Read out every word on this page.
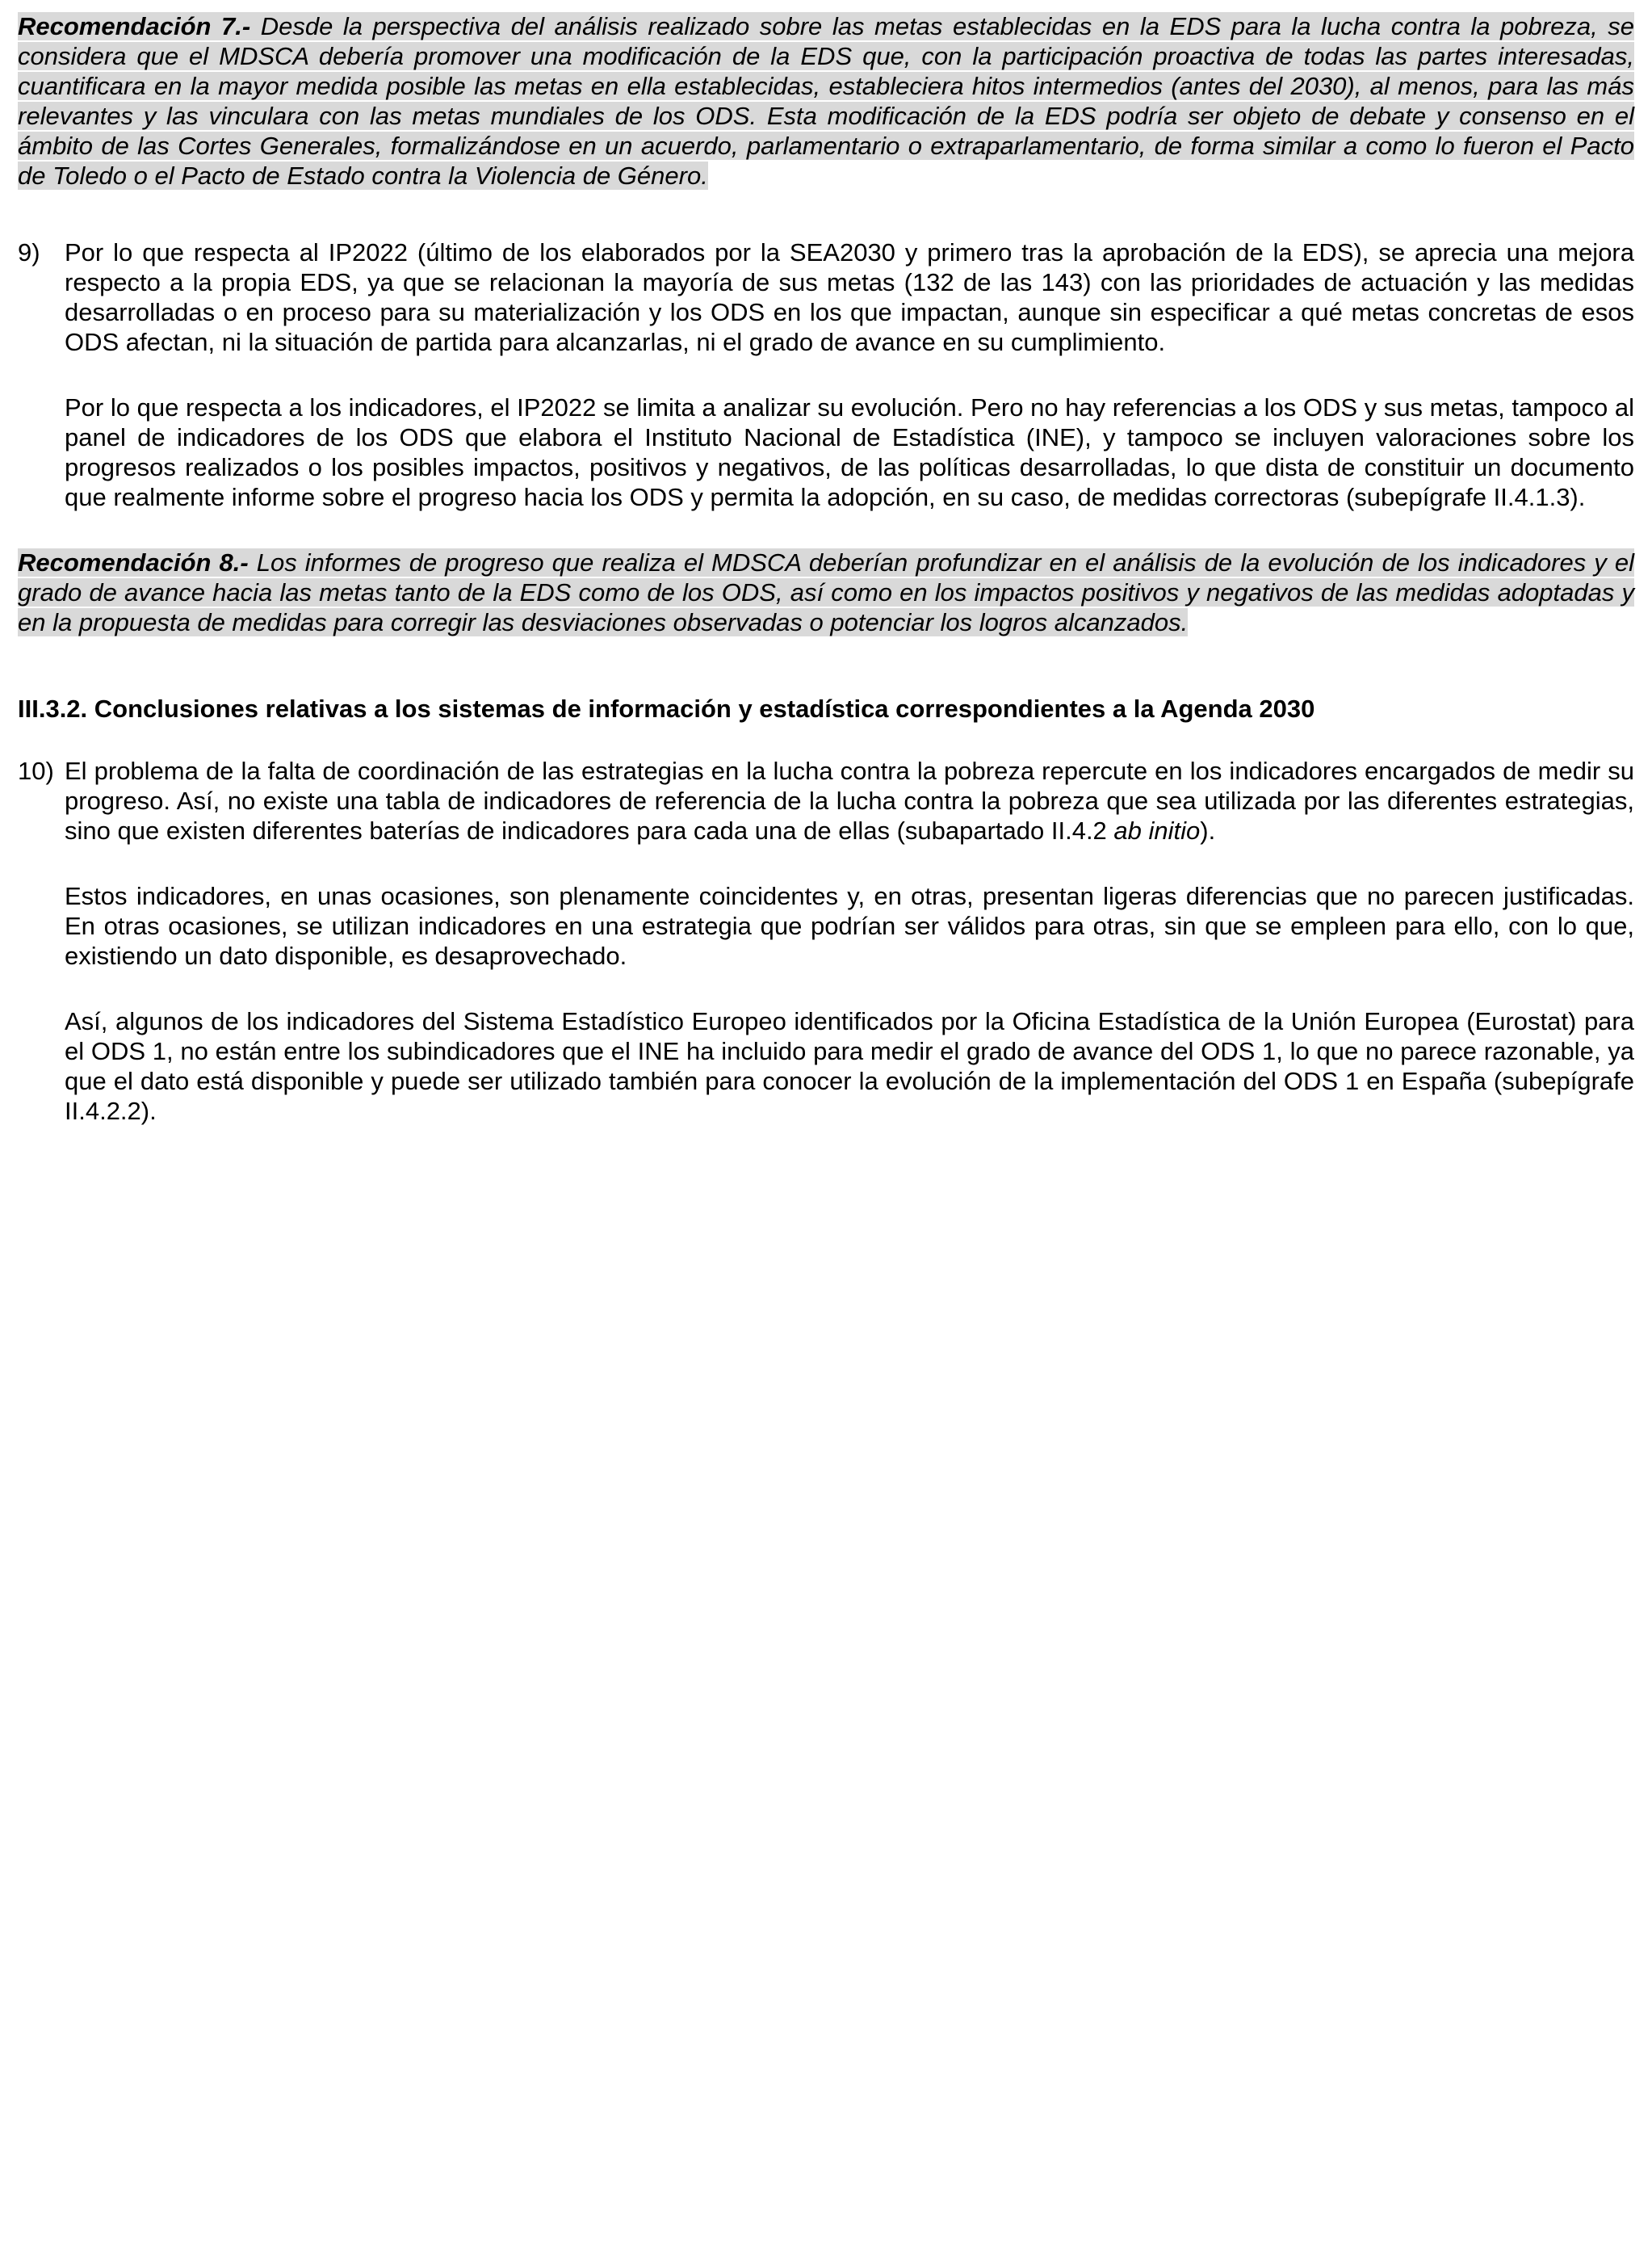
Recomendación 7.- Desde la perspectiva del análisis realizado sobre las metas establecidas en la EDS para la lucha contra la pobreza, se considera que el MDSCA debería promover una modificación de la EDS que, con la participación proactiva de todas las partes interesadas, cuantificara en la mayor medida posible las metas en ella establecidas, estableciera hitos intermedios (antes del 2030), al menos, para las más relevantes y las vinculara con las metas mundiales de los ODS. Esta modificación de la EDS podría ser objeto de debate y consenso en el ámbito de las Cortes Generales, formalizándose en un acuerdo, parlamentario o extraparlamentario, de forma similar a como lo fueron el Pacto de Toledo o el Pacto de Estado contra la Violencia de Género.

9) Por lo que respecta al IP2022 (último de los elaborados por la SEA2030 y primero tras la aprobación de la EDS), se aprecia una mejora respecto a la propia EDS, ya que se relacionan la mayoría de sus metas (132 de las 143) con las prioridades de actuación y las medidas desarrolladas o en proceso para su materialización y los ODS en los que impactan, aunque sin especificar a qué metas concretas de esos ODS afectan, ni la situación de partida para alcanzarlas, ni el grado de avance en su cumplimiento.

Por lo que respecta a los indicadores, el IP2022 se limita a analizar su evolución. Pero no hay referencias a los ODS y sus metas, tampoco al panel de indicadores de los ODS que elabora el Instituto Nacional de Estadística (INE), y tampoco se incluyen valoraciones sobre los progresos realizados o los posibles impactos, positivos y negativos, de las políticas desarrolladas, lo que dista de constituir un documento que realmente informe sobre el progreso hacia los ODS y permita la adopción, en su caso, de medidas correctoras (subepígrafe II.4.1.3).

Recomendación 8.- Los informes de progreso que realiza el MDSCA deberían profundizar en el análisis de la evolución de los indicadores y el grado de avance hacia las metas tanto de la EDS como de los ODS, así como en los impactos positivos y negativos de las medidas adoptadas y en la propuesta de medidas para corregir las desviaciones observadas o potenciar los logros alcanzados.

III.3.2. Conclusiones relativas a los sistemas de información y estadística correspondientes a la Agenda 2030
10) El problema de la falta de coordinación de las estrategias en la lucha contra la pobreza repercute en los indicadores encargados de medir su progreso. Así, no existe una tabla de indicadores de referencia de la lucha contra la pobreza que sea utilizada por las diferentes estrategias, sino que existen diferentes baterías de indicadores para cada una de ellas (subapartado II.4.2 ab initio).

Estos indicadores, en unas ocasiones, son plenamente coincidentes y, en otras, presentan ligeras diferencias que no parecen justificadas. En otras ocasiones, se utilizan indicadores en una estrategia que podrían ser válidos para otras, sin que se empleen para ello, con lo que, existiendo un dato disponible, es desaprovechado.

Así, algunos de los indicadores del Sistema Estadístico Europeo identificados por la Oficina Estadística de la Unión Europea (Eurostat) para el ODS 1, no están entre los subindicadores que el INE ha incluido para medir el grado de avance del ODS 1, lo que no parece razonable, ya que el dato está disponible y puede ser utilizado también para conocer la evolución de la implementación del ODS 1 en España (subepígrafe II.4.2.2).
